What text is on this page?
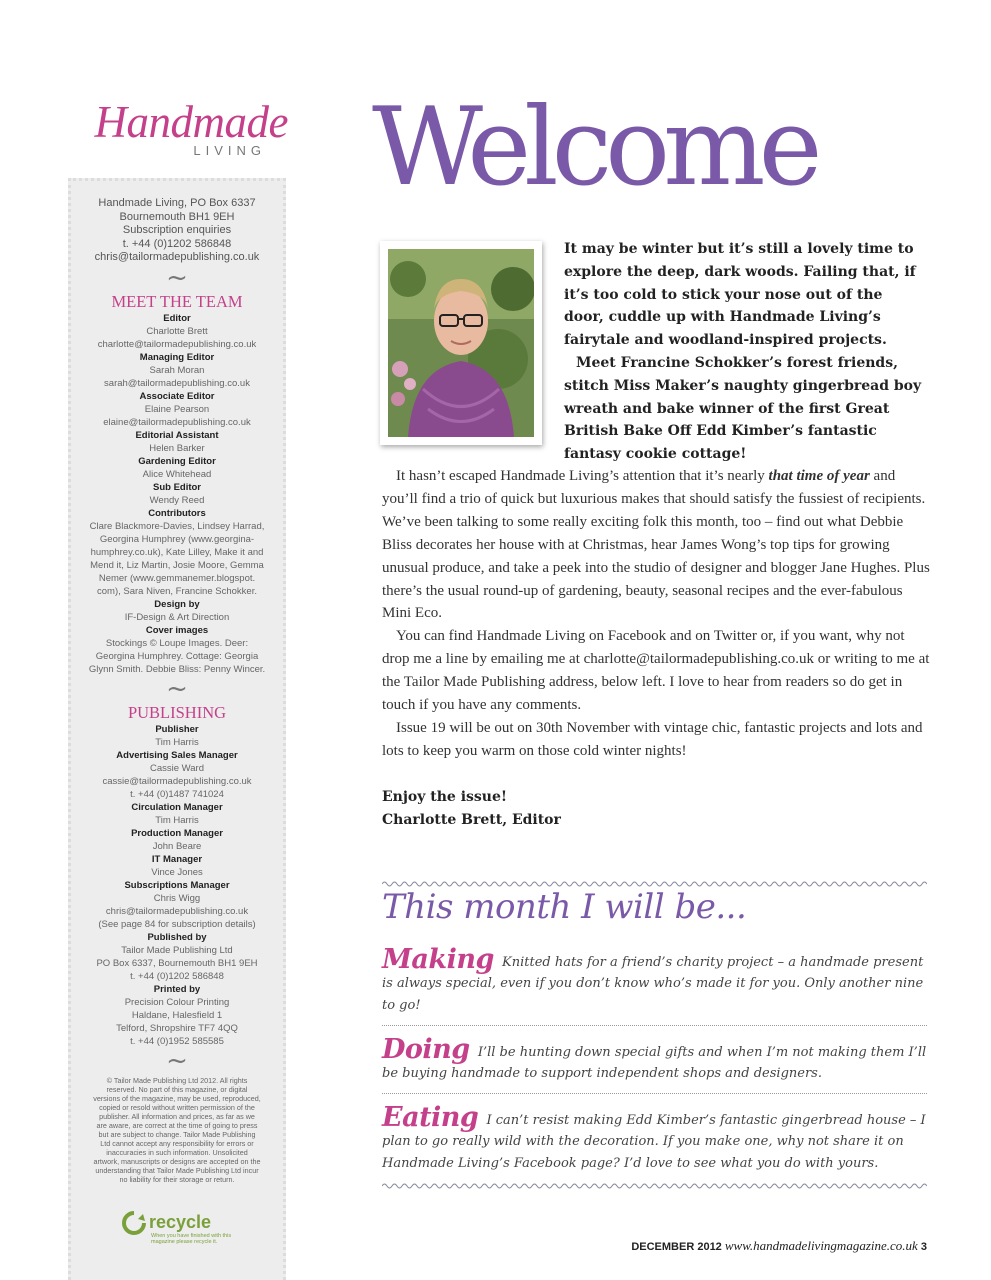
Handmade
LIVING
Handmade Living, PO Box 6337
Bournemouth BH1 9EH
Subscription enquiries
t. +44 (0)1202 586848
chris@tailormadepublishing.co.uk
~
MEET THE TEAM
Editor
Charlotte Brett
charlotte@tailormadepublishing.co.uk
Managing Editor
Sarah Moran
sarah@tailormadepublishing.co.uk
Associate Editor
Elaine Pearson
elaine@tailormadepublishing.co.uk
Editorial Assistant
Helen Barker
Gardening Editor
Alice Whitehead
Sub Editor
Wendy Reed
Contributors
Clare Blackmore-Davies, Lindsey Harrad,
Georgina Humphrey (www.georgina-
humphrey.co.uk), Kate Lilley, Make it and
Mend it, Liz Martin, Josie Moore, Gemma
Nemer (www.gemmanemer.blogspot.
com), Sara Niven, Francine Schokker.
Design by
IF-Design & Art Direction
Cover images
Stockings © Loupe Images. Deer:
Georgina Humphrey. Cottage: Georgia
Glynn Smith. Debbie Bliss: Penny Wincer.
~
PUBLISHING
Publisher
Tim Harris
Advertising Sales Manager
Cassie Ward
cassie@tailormadepublishing.co.uk
t. +44 (0)1487 741024
Circulation Manager
Tim Harris
Production Manager
John Beare
IT Manager
Vince Jones
Subscriptions Manager
Chris Wigg
chris@tailormadepublishing.co.uk
(See page 84 for subscription details)
Published by
Tailor Made Publishing Ltd
PO Box 6337, Bournemouth BH1 9EH
t. +44 (0)1202 586848
Printed by
Precision Colour Printing
Haldane, Halesfield 1
Telford, Shropshire TF7 4QQ
t. +44 (0)1952 585585
~
© Tailor Made Publishing Ltd 2012. All rights reserved. No part of this magazine, or digital versions of the magazine, may be used, reproduced, copied or resold without written permission of the publisher. All information and prices, as far as we are aware, are correct at the time of going to press but are subject to change. Tailor Made Publishing Ltd cannot accept any responsibility for errors or inaccuracies in such information. Unsolicited artwork, manuscripts or designs are accepted on the understanding that Tailor Made Publishing Ltd incur no liability for their storage or return.
recycle
When you have finished with this magazine please recycle it.
Welcome

It may be winter but it’s still a lovely time to explore the deep, dark woods. Failing that, if it’s too cold to stick your nose out of the door, cuddle up with Handmade Living’s fairytale and woodland-inspired projects.

Meet Francine Schokker’s forest friends, stitch Miss Maker’s naughty gingerbread boy wreath and bake winner of the first Great British Bake Off Edd Kimber’s fantastic fantasy cookie cottage!

It hasn’t escaped Handmade Living’s attention that it’s nearly that time of year and you’ll find a trio of quick but luxurious makes that should satisfy the fussiest of recipients. We’ve been talking to some really exciting folk this month, too – find out what Debbie Bliss decorates her house with at Christmas, hear James Wong’s top tips for growing unusual produce, and take a peek into the studio of designer and blogger Jane Hughes. Plus there’s the usual round-up of gardening, beauty, seasonal recipes and the ever-fabulous Mini Eco.

You can find Handmade Living on Facebook and on Twitter or, if you want, why not drop me a line by emailing me at charlotte@tailormadepublishing.co.uk or writing to me at the Tailor Made Publishing address, below left. I love to hear from readers so do get in touch if you have any comments.

Issue 19 will be out on 30th November with vintage chic, fantastic projects and lots and lots to keep you warm on those cold winter nights!

Enjoy the issue!
Charlotte Brett, Editor
This month I will be...
Making Knitted hats for a friend’s charity project – a handmade present is always special, even if you don’t know who’s made it for you. Only another nine to go!
Doing I’ll be hunting down special gifts and when I’m not making them I’ll be buying handmade to support independent shops and designers.
Eating I can’t resist making Edd Kimber’s fantastic gingerbread house – I plan to go really wild with the decoration. If you make one, why not share it on Handmade Living’s Facebook page? I’d love to see what you do with yours.
DECEMBER 2012 www.handmadelivingmagazine.co.uk 3
